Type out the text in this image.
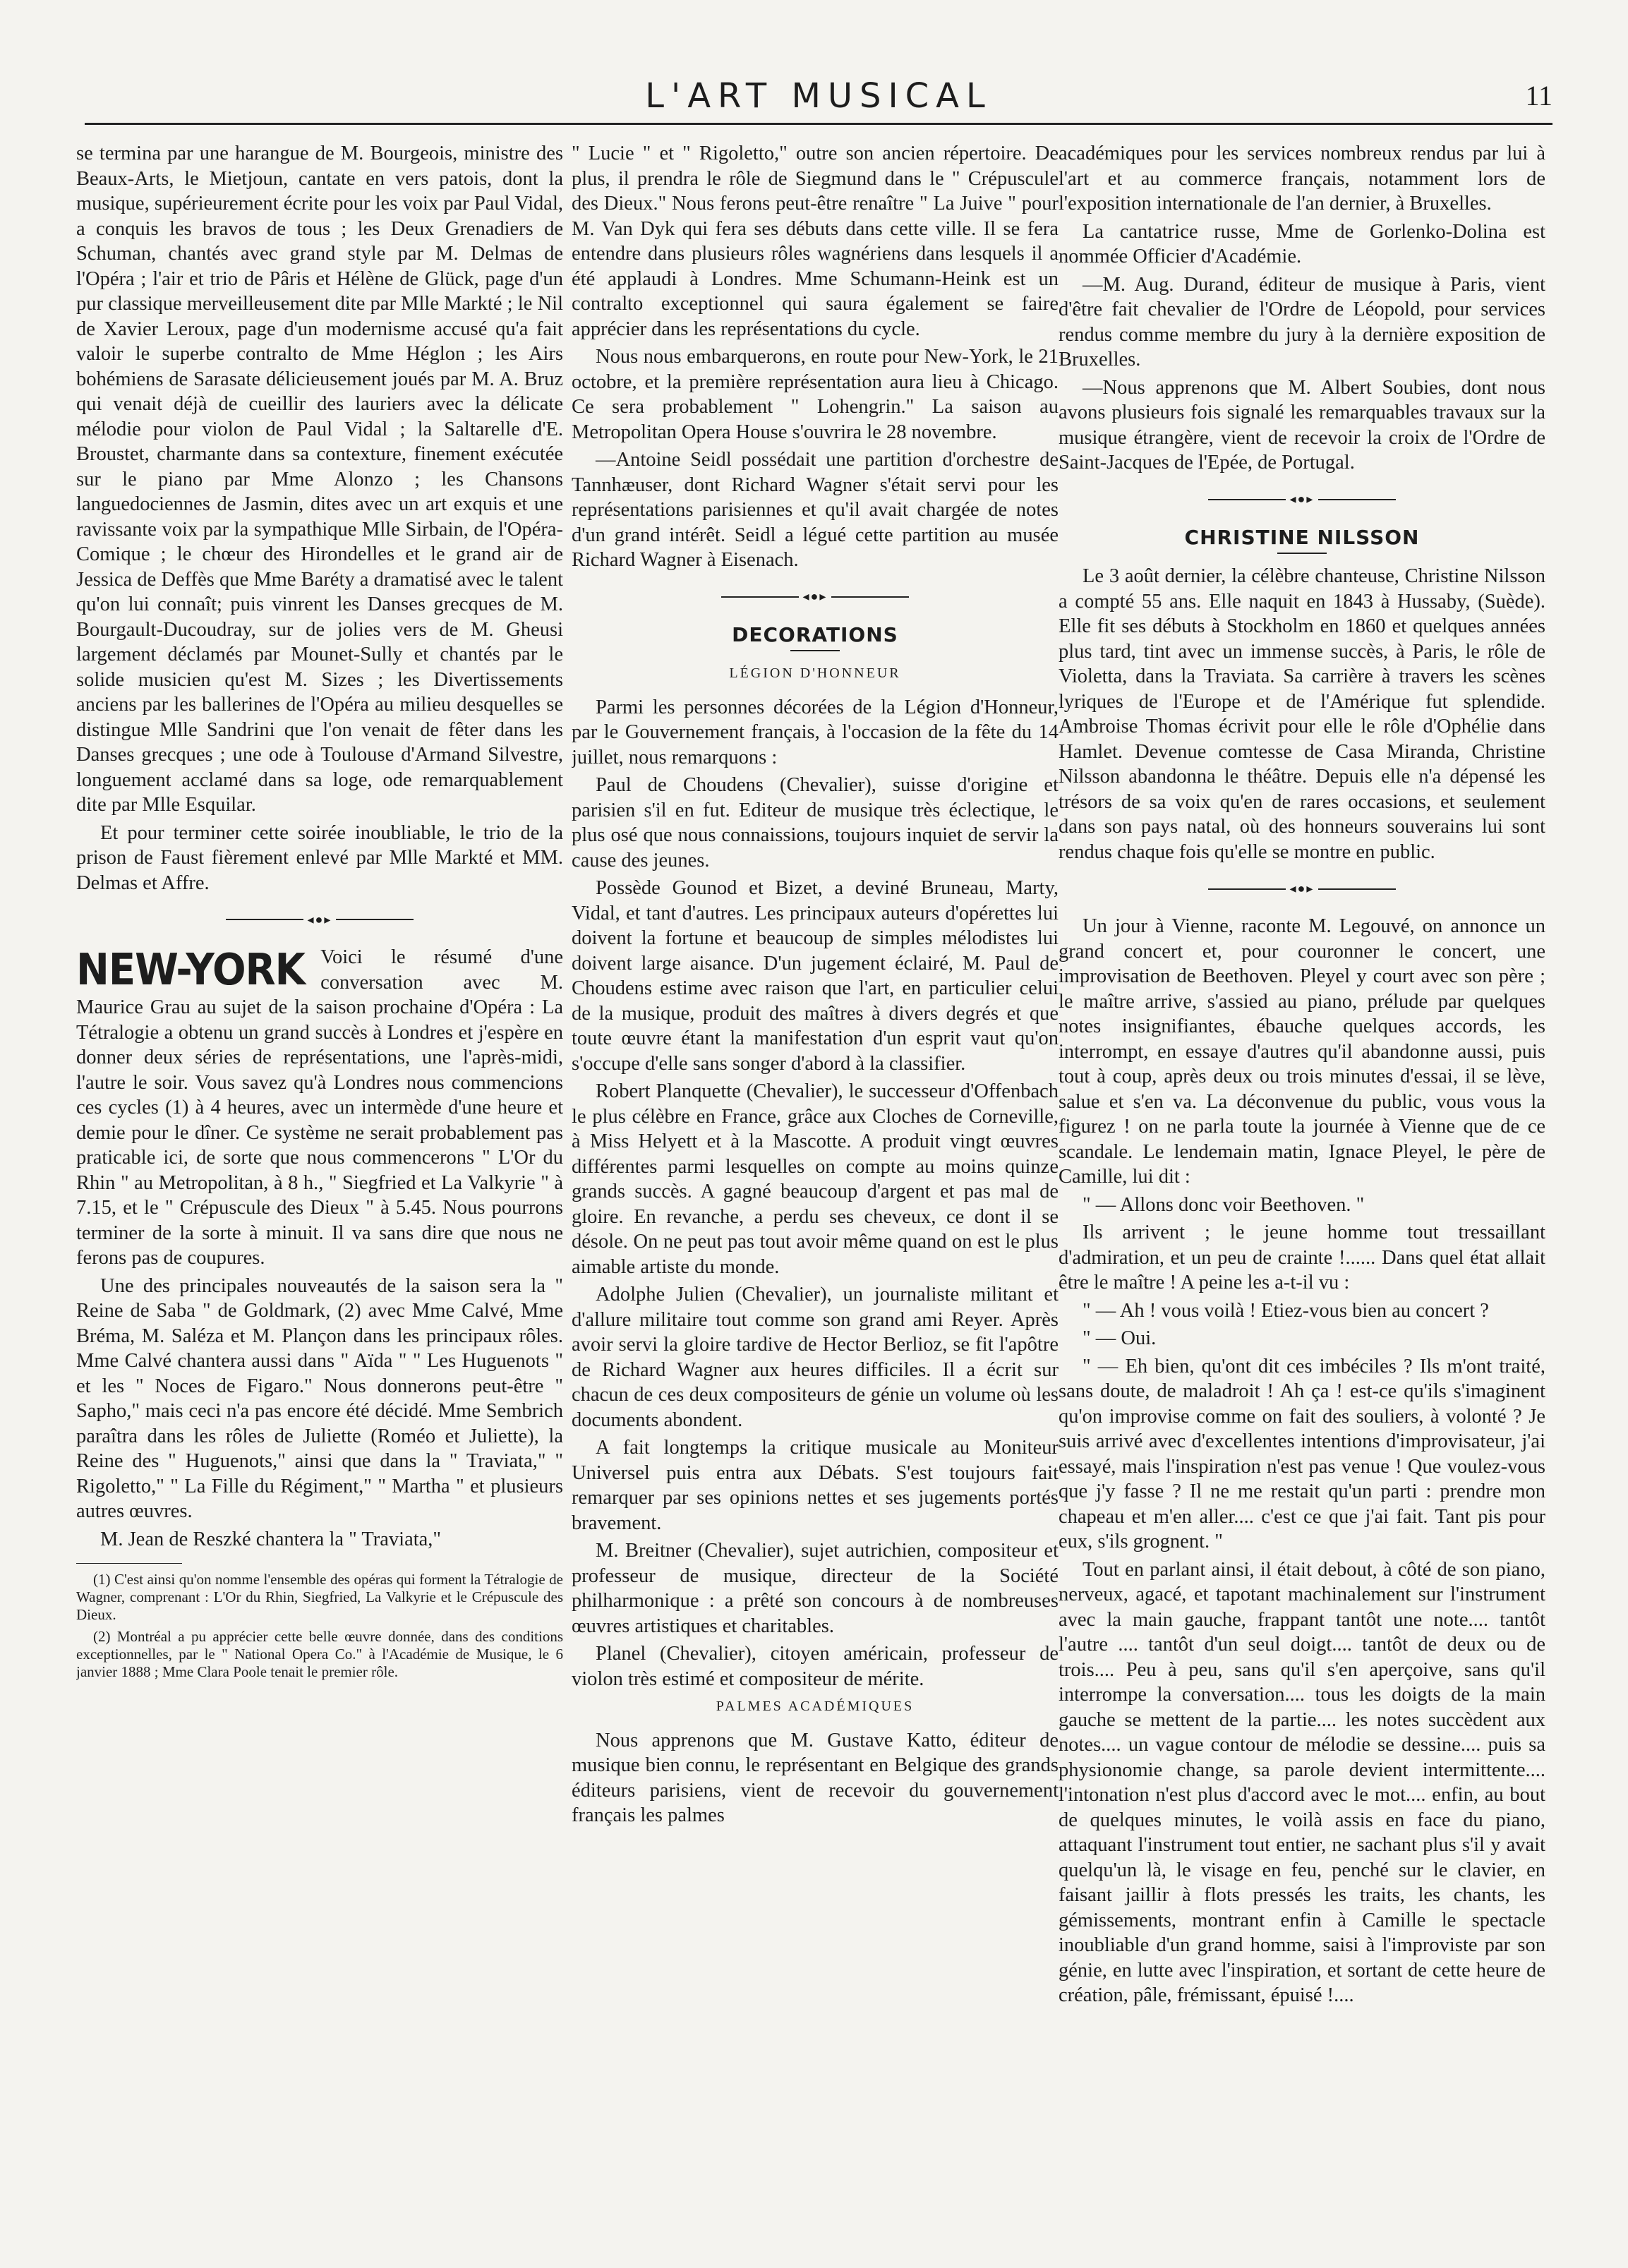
L'ART MUSICAL	11

se termina par une harangue de M. Bourgeois, ministre des Beaux-Arts, le Mietjoun, cantate en vers patois, dont la musique, supérieurement écrite pour les voix par Paul Vidal, a conquis les bravos de tous ; les Deux Grenadiers de Schuman, chantés avec grand style par M. Delmas de l'Opéra ; l'air et trio de Pâris et Hélène de Glück, page d'un pur classique merveilleusement dite par Mlle Markté ; le Nil de Xavier Leroux, page d'un modernisme accusé qu'a fait valoir le superbe contralto de Mme Héglon ; les Airs bohémiens de Sarasate délicieusement joués par M. A. Bruz qui venait déjà de cueillir des lauriers avec la délicate mélodie pour violon de Paul Vidal ; la Saltarelle d'E. Broustet, charmante dans sa contexture, finement exécutée sur le piano par Mme Alonzo ; les Chansons languedociennes de Jasmin, dites avec un art exquis et une ravissante voix par la sympathique Mlle Sirbain, de l'Opéra-Comique ; le chœur des Hirondelles et le grand air de Jessica de Deffès que Mme Baréty a dramatisé avec le talent qu'on lui connaît; puis vinrent les Danses grecques de M. Bourgault-Ducoudray, sur de jolies vers de M. Gheusi largement déclamés par Mounet-Sully et chantés par le solide musicien qu'est M. Sizes ; les Divertissements anciens par les ballerines de l'Opéra au milieu desquelles se distingue Mlle Sandrini que l'on venait de fêter dans les Danses grecques ; une ode à Toulouse d'Armand Silvestre, longuement acclamé dans sa loge, ode remarquablement dite par Mlle Esquilar.

Et pour terminer cette soirée inoubliable, le trio de la prison de Faust fièrement enlevé par Mlle Markté et MM. Delmas et Affre.

◂●▸
NEW-YORK Voici le résumé d'une conversation avec M. Maurice Grau au sujet de la saison prochaine d'Opéra : La Tétralogie a obtenu un grand succès à Londres et j'espère en donner deux séries de représentations, une l'après-midi, l'autre le soir. Vous savez qu'à Londres nous commencions ces cycles (1) à 4 heures, avec un intermède d'une heure et demie pour le dîner. Ce système ne serait probablement pas praticable ici, de sorte que nous commencerons " L'Or du Rhin " au Metropolitan, à 8 h., " Siegfried et La Valkyrie " à 7.15, et le " Crépuscule des Dieux " à 5.45. Nous pourrons terminer de la sorte à minuit. Il va sans dire que nous ne ferons pas de coupures.

Une des principales nouveautés de la saison sera la " Reine de Saba " de Goldmark, (2) avec Mme Calvé, Mme Bréma, M. Saléza et M. Plançon dans les principaux rôles. Mme Calvé chantera aussi dans " Aïda " " Les Huguenots " et les " Noces de Figaro." Nous donnerons peut-être " Sapho," mais ceci n'a pas encore été décidé. Mme Sembrich paraîtra dans les rôles de Juliette (Roméo et Juliette), la Reine des " Huguenots," ainsi que dans la " Traviata," " Rigoletto," " La Fille du Régiment," " Martha " et plusieurs autres œuvres.

M. Jean de Reszké chantera la " Traviata,"

(1) C'est ainsi qu'on nomme l'ensemble des opéras qui forment la Tétralogie de Wagner, comprenant : L'Or du Rhin, Siegfried, La Valkyrie et le Crépuscule des Dieux.

(2) Montréal a pu apprécier cette belle œuvre donnée, dans des conditions exceptionnelles, par le " National Opera Co." à l'Académie de Musique, le 6 janvier 1888 ; Mme Clara Poole tenait le premier rôle.

" Lucie " et " Rigoletto," outre son ancien répertoire. De plus, il prendra le rôle de Siegmund dans le " Crépuscule des Dieux." Nous ferons peut-être renaître " La Juive " pour M. Van Dyk qui fera ses débuts dans cette ville. Il se fera entendre dans plusieurs rôles wagnériens dans lesquels il a été applaudi à Londres. Mme Schumann-Heink est un contralto exceptionnel qui saura également se faire apprécier dans les représentations du cycle.

Nous nous embarquerons, en route pour New-York, le 21 octobre, et la première représentation aura lieu à Chicago. Ce sera probablement " Lohengrin." La saison au Metropolitan Opera House s'ouvrira le 28 novembre.

—Antoine Seidl possédait une partition d'orchestre de Tannhæuser, dont Richard Wagner s'était servi pour les représentations parisiennes et qu'il avait chargée de notes d'un grand intérêt. Seidl a légué cette partition au musée Richard Wagner à Eisenach.

◂●▸
DECORATIONS
LÉGION D'HONNEUR

Parmi les personnes décorées de la Légion d'Honneur, par le Gouvernement français, à l'occasion de la fête du 14 juillet, nous remarquons :

Paul de Choudens (Chevalier), suisse d'origine et parisien s'il en fut. Editeur de musique très éclectique, le plus osé que nous connaissions, toujours inquiet de servir la cause des jeunes.

Possède Gounod et Bizet, a deviné Bruneau, Marty, Vidal, et tant d'autres. Les principaux auteurs d'opérettes lui doivent la fortune et beaucoup de simples mélodistes lui doivent large aisance. D'un jugement éclairé, M. Paul de Choudens estime avec raison que l'art, en particulier celui de la musique, produit des maîtres à divers degrés et que toute œuvre étant la manifestation d'un esprit vaut qu'on s'occupe d'elle sans songer d'abord à la classifier.

Robert Planquette (Chevalier), le successeur d'Offenbach le plus célèbre en France, grâce aux Cloches de Corneville, à Miss Helyett et à la Mascotte. A produit vingt œuvres différentes parmi lesquelles on compte au moins quinze grands succès. A gagné beaucoup d'argent et pas mal de gloire. En revanche, a perdu ses cheveux, ce dont il se désole. On ne peut pas tout avoir même quand on est le plus aimable artiste du monde.

Adolphe Julien (Chevalier), un journaliste militant et d'allure militaire tout comme son grand ami Reyer. Après avoir servi la gloire tardive de Hector Berlioz, se fit l'apôtre de Richard Wagner aux heures difficiles. Il a écrit sur chacun de ces deux compositeurs de génie un volume où les documents abondent.

A fait longtemps la critique musicale au Moniteur Universel puis entra aux Débats. S'est toujours fait remarquer par ses opinions nettes et ses jugements portés bravement.

M. Breitner (Chevalier), sujet autrichien, compositeur et professeur de musique, directeur de la Société philharmonique : a prêté son concours à de nombreuses œuvres artistiques et charitables.

Planel (Chevalier), citoyen américain, professeur de violon très estimé et compositeur de mérite.

PALMES ACADÉMIQUES

Nous apprenons que M. Gustave Katto, éditeur de musique bien connu, le représentant en Belgique des grands éditeurs parisiens, vient de recevoir du gouvernement français les palmes

académiques pour les services nombreux rendus par lui à l'art et au commerce français, notamment lors de l'exposition internationale de l'an dernier, à Bruxelles.

La cantatrice russe, Mme de Gorlenko-Dolina est nommée Officier d'Académie.

—M. Aug. Durand, éditeur de musique à Paris, vient d'être fait chevalier de l'Ordre de Léopold, pour services rendus comme membre du jury à la dernière exposition de Bruxelles.

—Nous apprenons que M. Albert Soubies, dont nous avons plusieurs fois signalé les remarquables travaux sur la musique étrangère, vient de recevoir la croix de l'Ordre de Saint-Jacques de l'Epée, de Portugal.

◂●▸
CHRISTINE NILSSON

Le 3 août dernier, la célèbre chanteuse, Christine Nilsson a compté 55 ans. Elle naquit en 1843 à Hussaby, (Suède). Elle fit ses débuts à Stockholm en 1860 et quelques années plus tard, tint avec un immense succès, à Paris, le rôle de Violetta, dans la Traviata. Sa carrière à travers les scènes lyriques de l'Europe et de l'Amérique fut splendide. Ambroise Thomas écrivit pour elle le rôle d'Ophélie dans Hamlet. Devenue comtesse de Casa Miranda, Christine Nilsson abandonna le théâtre. Depuis elle n'a dépensé les trésors de sa voix qu'en de rares occasions, et seulement dans son pays natal, où des honneurs souverains lui sont rendus chaque fois qu'elle se montre en public.

◂●▸

Un jour à Vienne, raconte M. Legouvé, on annonce un grand concert et, pour couronner le concert, une improvisation de Beethoven. Pleyel y court avec son père ; le maître arrive, s'assied au piano, prélude par quelques notes insignifiantes, ébauche quelques accords, les interrompt, en essaye d'autres qu'il abandonne aussi, puis tout à coup, après deux ou trois minutes d'essai, il se lève, salue et s'en va. La déconvenue du public, vous vous la figurez ! on ne parla toute la journée à Vienne que de ce scandale. Le lendemain matin, Ignace Pleyel, le père de Camille, lui dit :

" — Allons donc voir Beethoven. "

Ils arrivent ; le jeune homme tout tressaillant d'admiration, et un peu de crainte !...... Dans quel état allait être le maître ! A peine les a-t-il vu :

" — Ah ! vous voilà ! Etiez-vous bien au concert ?

" — Oui.

" — Eh bien, qu'ont dit ces imbéciles ? Ils m'ont traité, sans doute, de maladroit ! Ah ça ! est-ce qu'ils s'imaginent qu'on improvise comme on fait des souliers, à volonté ? Je suis arrivé avec d'excellentes intentions d'improvisateur, j'ai essayé, mais l'inspiration n'est pas venue ! Que voulez-vous que j'y fasse ? Il ne me restait qu'un parti : prendre mon chapeau et m'en aller.... c'est ce que j'ai fait. Tant pis pour eux, s'ils grognent. "

Tout en parlant ainsi, il était debout, à côté de son piano, nerveux, agacé, et tapotant machinalement sur l'instrument avec la main gauche, frappant tantôt une note.... tantôt l'autre .... tantôt d'un seul doigt.... tantôt de deux ou de trois.... Peu à peu, sans qu'il s'en aperçoive, sans qu'il interrompe la conversation.... tous les doigts de la main gauche se mettent de la partie.... les notes succèdent aux notes.... un vague contour de mélodie se dessine.... puis sa physionomie change, sa parole devient intermittente.... l'intonation n'est plus d'accord avec le mot.... enfin, au bout de quelques minutes, le voilà assis en face du piano, attaquant l'instrument tout entier, ne sachant plus s'il y avait quelqu'un là, le visage en feu, penché sur le clavier, en faisant jaillir à flots pressés les traits, les chants, les gémissements, montrant enfin à Camille le spectacle inoubliable d'un grand homme, saisi à l'improviste par son génie, en lutte avec l'inspiration, et sortant de cette heure de création, pâle, frémissant, épuisé !....
